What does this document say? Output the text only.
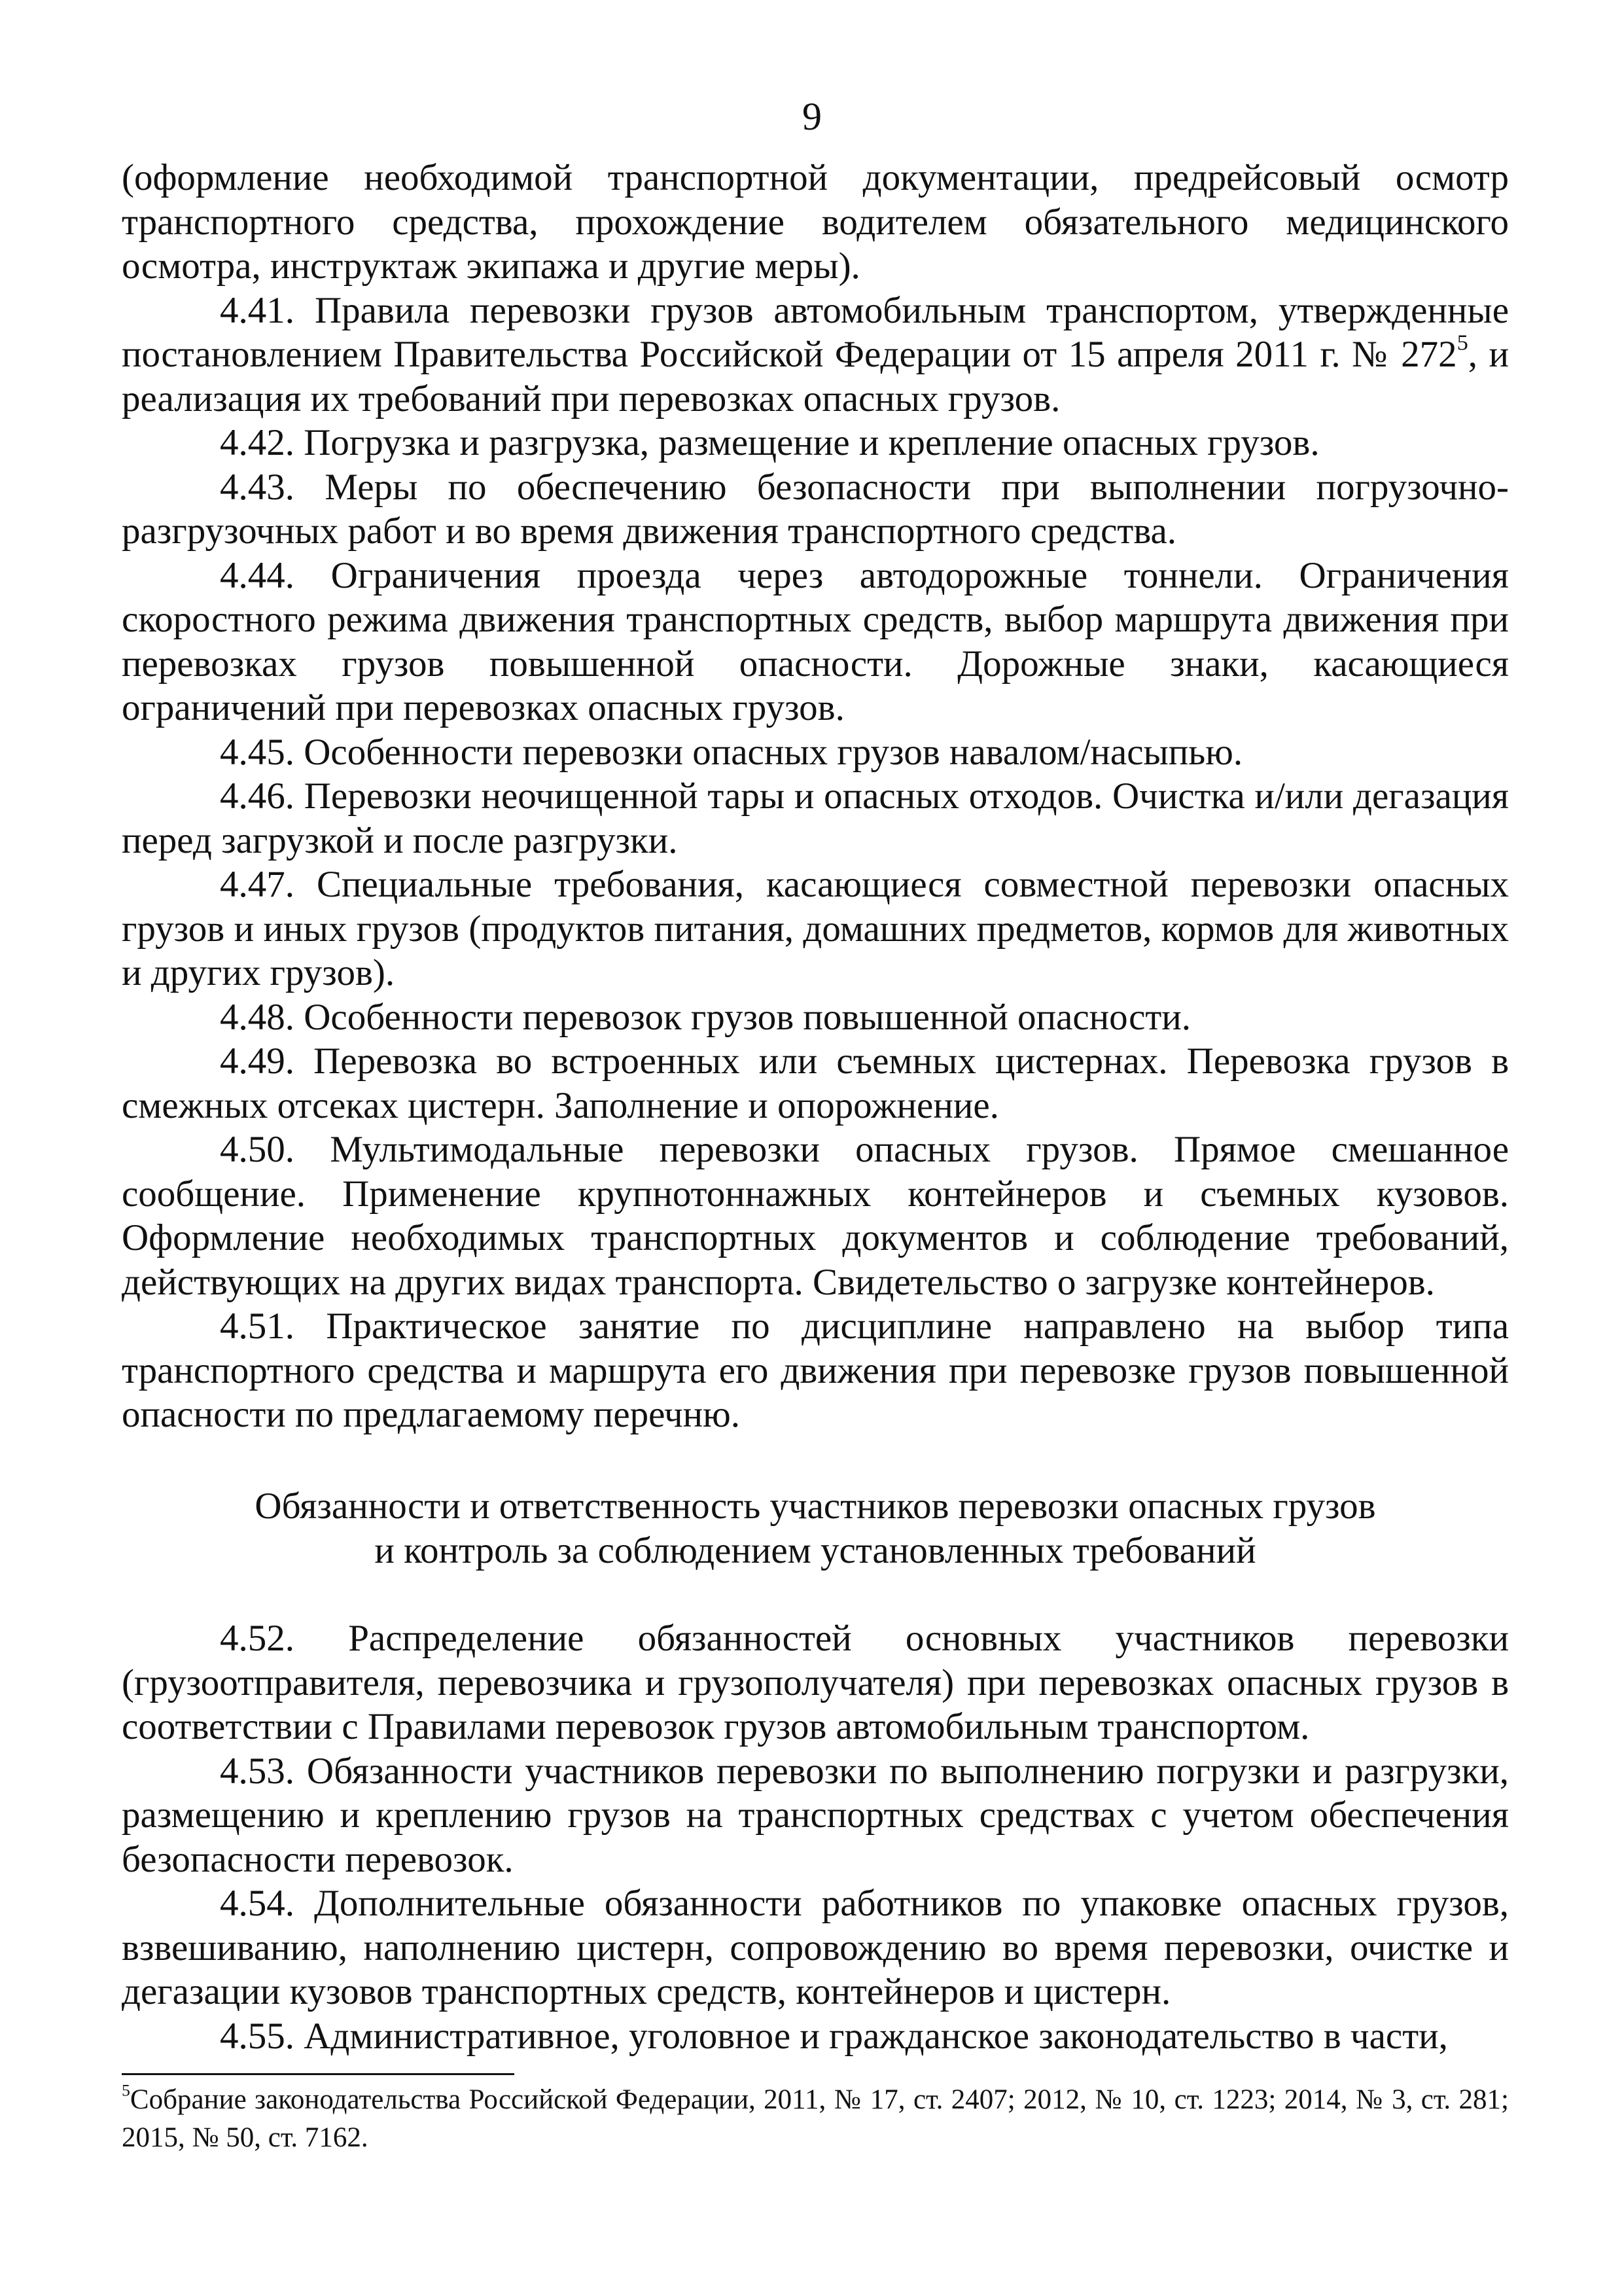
9

(оформление необходимой транспортной документации, предрейсовый осмотр транспортного средства, прохождение водителем обязательного медицинского осмотра, инструктаж экипажа и другие меры).

4.41. Правила перевозки грузов автомобильным транспортом, утвержденные постановлением Правительства Российской Федерации от 15 апреля 2011 г. № $272^5$, и реализация их требований при перевозках опасных грузов.

4.42. Погрузка и разгрузка, размещение и крепление опасных грузов.

4.43. Меры по обеспечению безопасности при выполнении погрузочно-разгрузочных работ и во время движения транспортного средства.

4.44. Ограничения проезда через автодорожные тоннели. Ограничения скоростного режима движения транспортных средств, выбор маршрута движения при перевозках грузов повышенной опасности. Дорожные знаки, касающиеся ограничений при перевозках опасных грузов.

4.45. Особенности перевозки опасных грузов навалом/насыпью.

4.46. Перевозки неочищенной тары и опасных отходов. Очистка и/или дегазация перед загрузкой и после разгрузки.

4.47. Специальные требования, касающиеся совместной перевозки опасных грузов и иных грузов (продуктов питания, домашних предметов, кормов для животных и других грузов).

4.48. Особенности перевозок грузов повышенной опасности.

4.49. Перевозка во встроенных или съемных цистернах. Перевозка грузов в смежных отсеках цистерн. Заполнение и опорожнение.

4.50. Мультимодальные перевозки опасных грузов. Прямое смешанное сообщение. Применение крупнотоннажных контейнеров и съемных кузовов. Оформление необходимых транспортных документов и соблюдение требований, действующих на других видах транспорта. Свидетельство о загрузке контейнеров.

4.51. Практическое занятие по дисциплине направлено на выбор типа транспортного средства и маршрута его движения при перевозке грузов повышенной опасности по предлагаемому перечню.

Обязанности и ответственность участников перевозки опасных грузов
и контроль за соблюдением установленных требований

4.52. Распределение обязанностей основных участников перевозки (грузоотправителя, перевозчика и грузополучателя) при перевозках опасных грузов в соответствии с Правилами перевозок грузов автомобильным транспортом.

4.53. Обязанности участников перевозки по выполнению погрузки и разгрузки, размещению и креплению грузов на транспортных средствах с учетом обеспечения безопасности перевозок.

4.54. Дополнительные обязанности работников по упаковке опасных грузов, взвешиванию, наполнению цистерн, сопровождению во время перевозки, очистке и дегазации кузовов транспортных средств, контейнеров и цистерн.

4.55. Административное, уголовное и гражданское законодательство в части,

$^5$Собрание законодательства Российской Федерации, 2011, № 17, ст. 2407; 2012, № 10, ст. 1223; 2014, № 3, ст. 281; 2015, № 50, ст. 7162.
